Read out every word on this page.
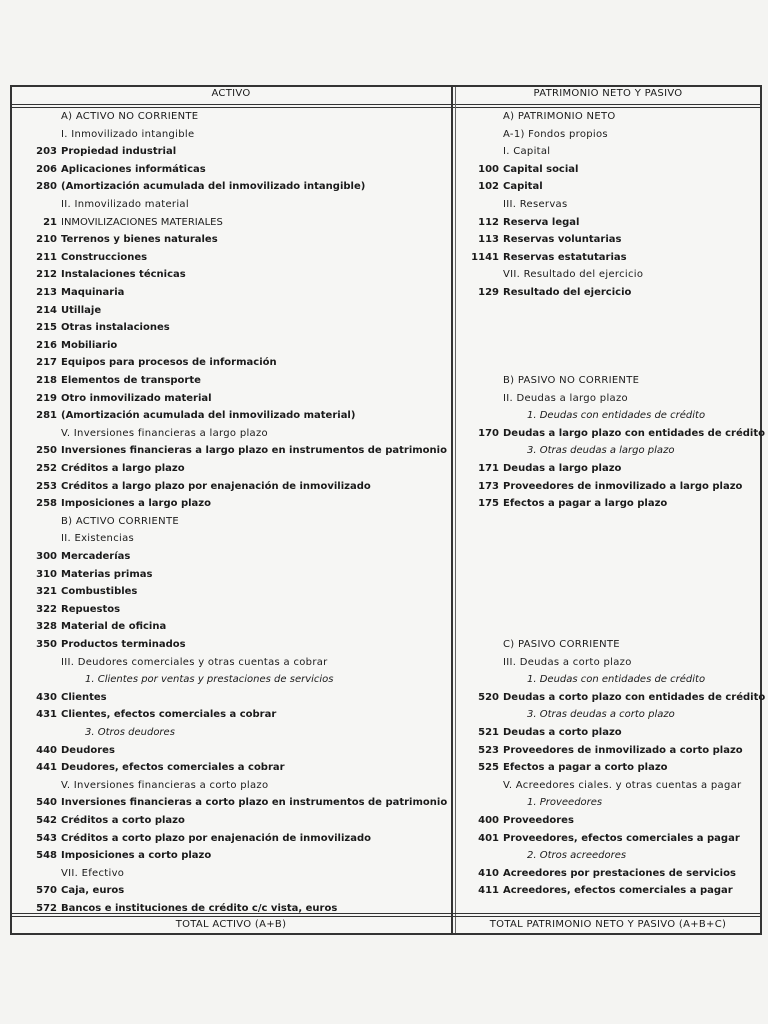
ACTIVO	PATRIMONIO NETO Y PASIVO
A) ACTIVO NO CORRIENTE
I. Inmovilizado intangible
203 Propiedad industrial
206 Aplicaciones informáticas
280 (Amortización acumulada del inmovilizado intangible)
II. Inmovilizado material
21 INMOVILIZACIONES MATERIALES
210 Terrenos y bienes naturales
211 Construcciones
212 Instalaciones técnicas
213 Maquinaria
214 Utillaje
215 Otras instalaciones
216 Mobiliario
217 Equipos para procesos de información
218 Elementos de transporte
219 Otro inmovilizado material
281 (Amortización acumulada del inmovilizado material)
V. Inversiones financieras a largo plazo
250 Inversiones financieras a largo plazo en instrumentos de patrimonio
252 Créditos a largo plazo
253 Créditos a largo plazo por enajenación de inmovilizado
258 Imposiciones a largo plazo
B) ACTIVO CORRIENTE
II. Existencias
300 Mercaderías
310 Materias primas
321 Combustibles
322 Repuestos
328 Material de oficina
350 Productos terminados
III. Deudores comerciales y otras cuentas a cobrar
1. Clientes por ventas y prestaciones de servicios
430 Clientes
431 Clientes, efectos comerciales a cobrar
3. Otros deudores
440 Deudores
441 Deudores, efectos comerciales a cobrar
V. Inversiones financieras a corto plazo
540 Inversiones financieras a corto plazo en instrumentos de patrimonio
542 Créditos a corto plazo
543 Créditos a corto plazo por enajenación de inmovilizado
548 Imposiciones a corto plazo
VII. Efectivo
570 Caja, euros
572 Bancos e instituciones de crédito c/c vista, euros
A) PATRIMONIO NETO
A-1) Fondos propios
I. Capital
100 Capital social
102 Capital
III. Reservas
112 Reserva legal
113 Reservas voluntarias
1141 Reservas estatutarias
VII. Resultado del ejercicio
129 Resultado del ejercicio
B) PASIVO NO CORRIENTE
II. Deudas a largo plazo
1. Deudas con entidades de crédito
170 Deudas a largo plazo con entidades de crédito
3. Otras deudas a largo plazo
171 Deudas a largo plazo
173 Proveedores de inmovilizado a largo plazo
175 Efectos a pagar a largo plazo
C) PASIVO CORRIENTE
III. Deudas a corto plazo
1. Deudas con entidades de crédito
520 Deudas a corto plazo con entidades de crédito
3. Otras deudas a corto plazo
521 Deudas a corto plazo
523 Proveedores de inmovilizado a corto plazo
525 Efectos a pagar a corto plazo
V. Acreedores ciales. y otras cuentas a pagar
1. Proveedores
400 Proveedores
401 Proveedores, efectos comerciales a pagar
2. Otros acreedores
410 Acreedores por prestaciones de servicios
411 Acreedores, efectos comerciales a pagar
TOTAL ACTIVO (A+B)	TOTAL PATRIMONIO NETO Y PASIVO (A+B+C)
